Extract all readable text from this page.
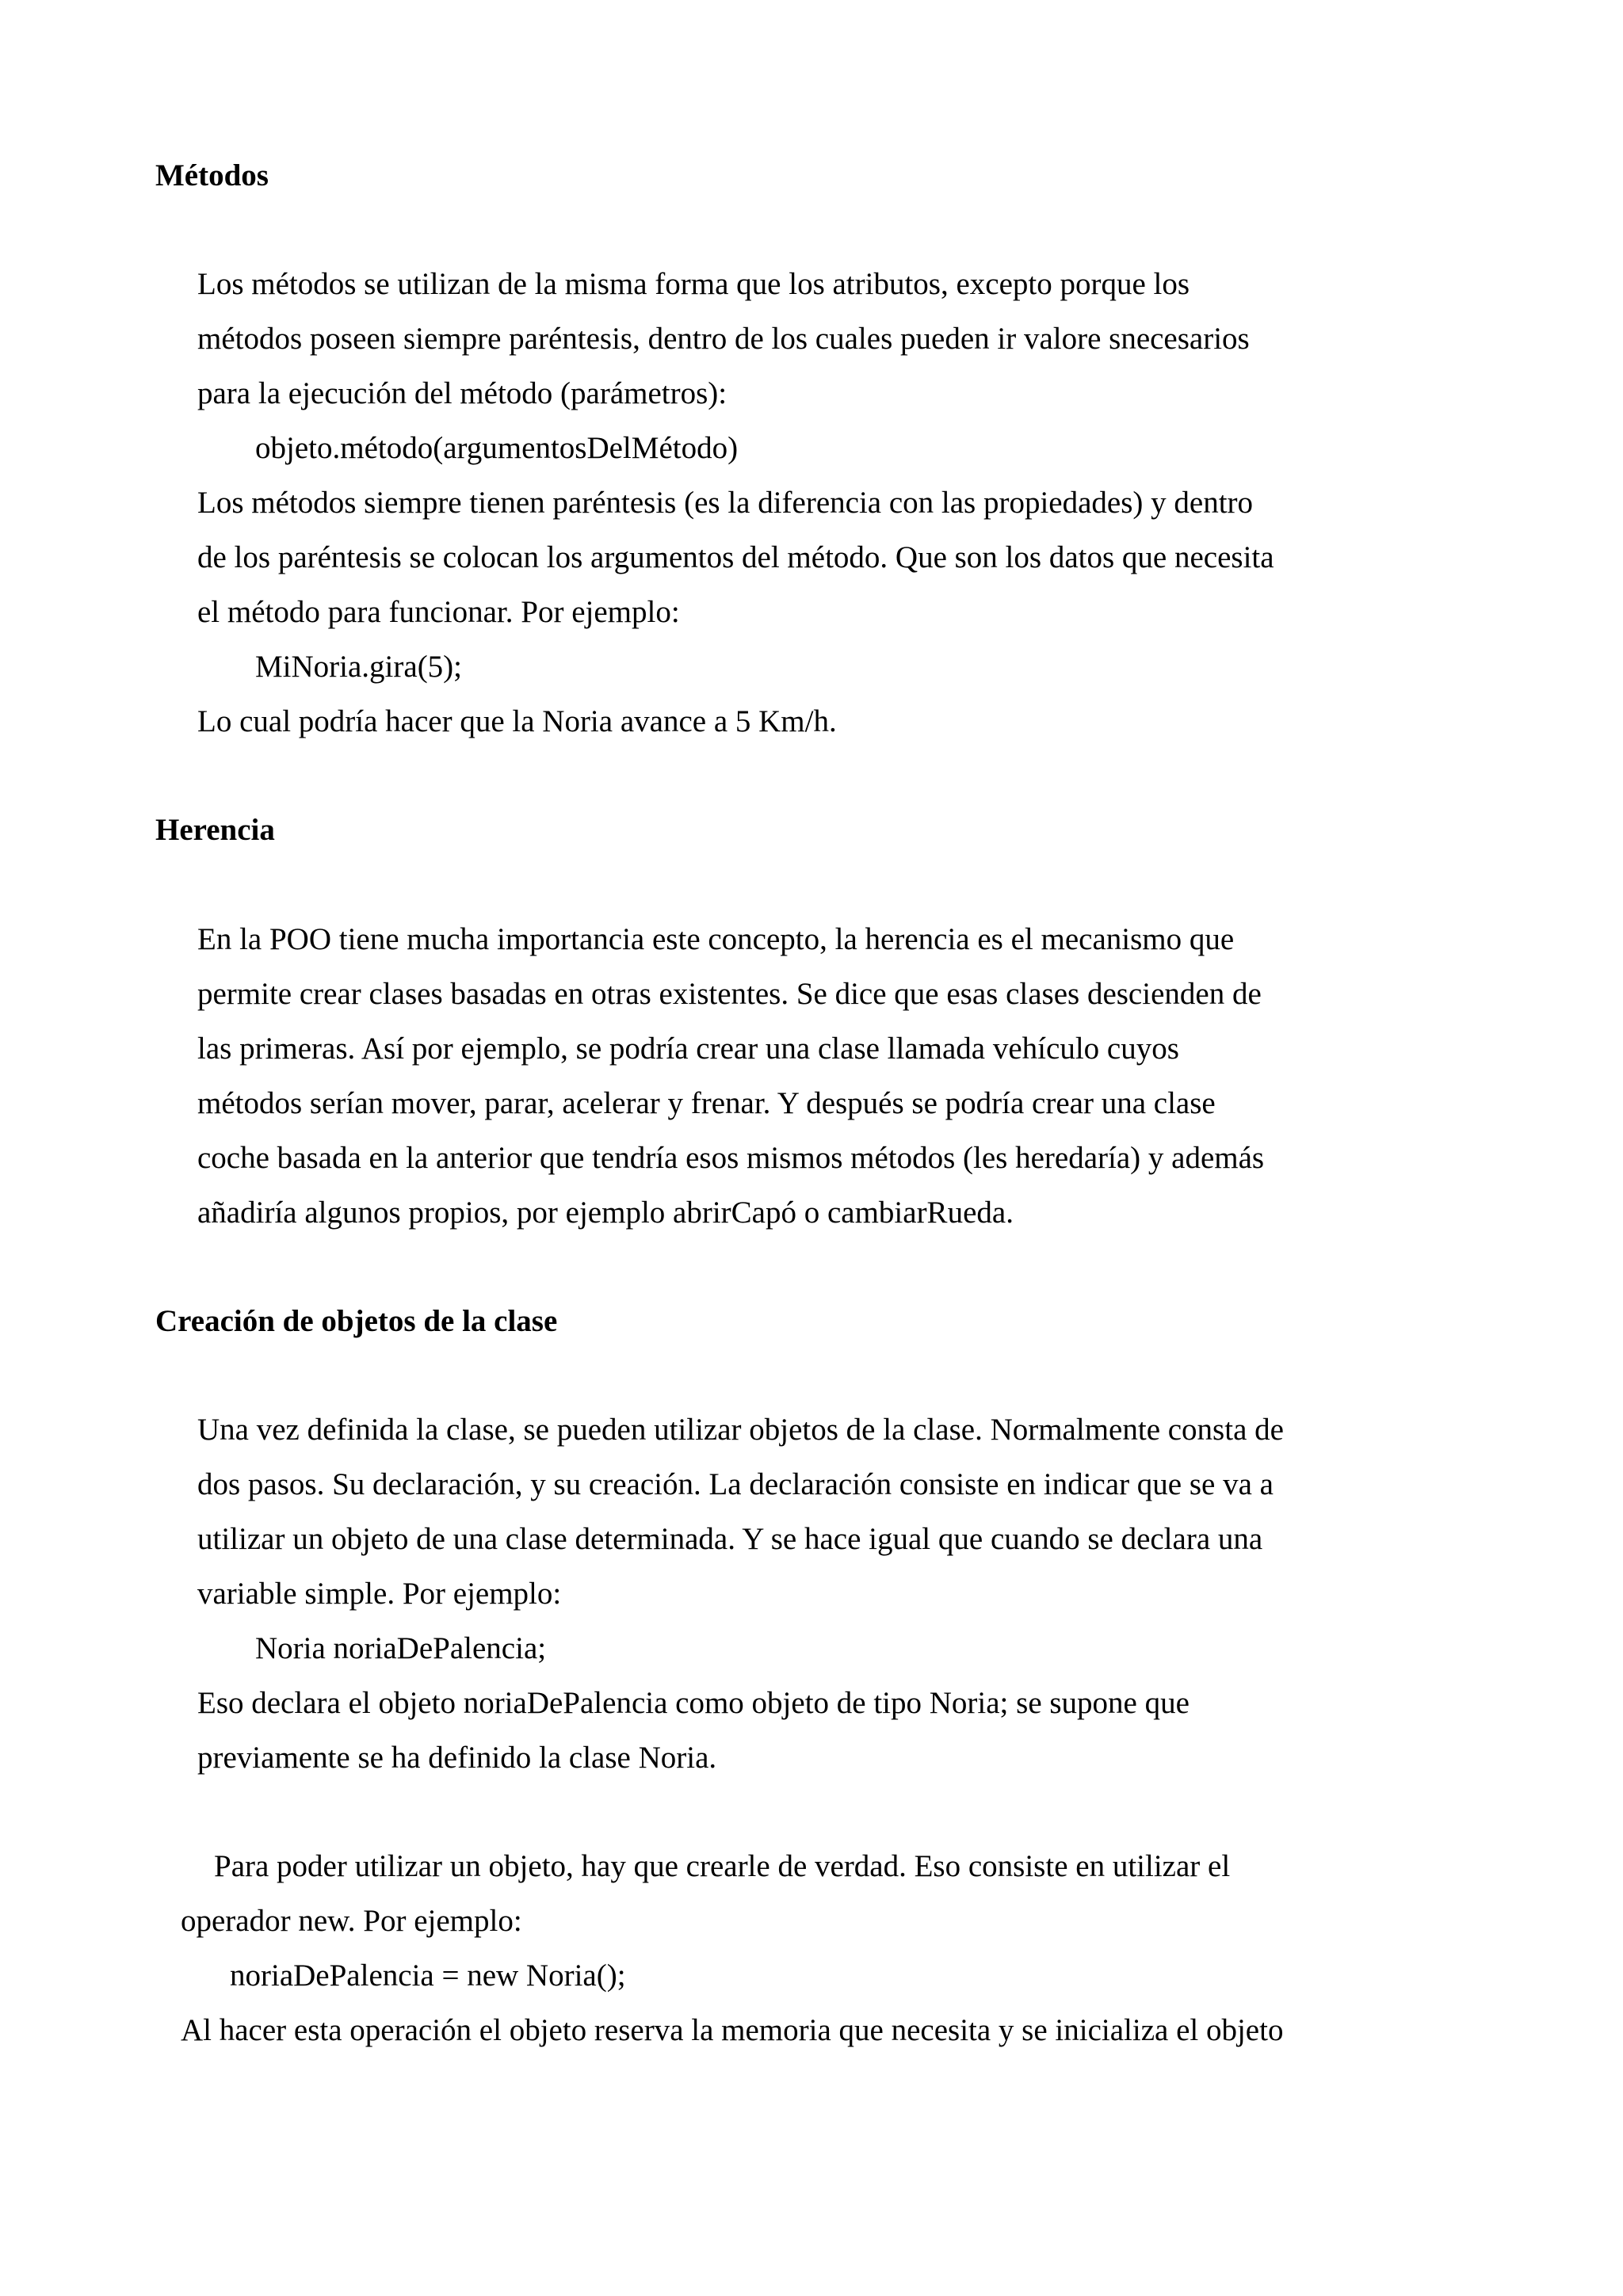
Métodos
Los métodos se utilizan de la misma forma que los atributos, excepto porque los
métodos poseen siempre paréntesis, dentro de los cuales pueden ir valore snecesarios
para la ejecución del método (parámetros):
objeto.método(argumentosDelMétodo)
Los métodos siempre tienen paréntesis (es la diferencia con las propiedades) y dentro
de los paréntesis se colocan los argumentos del método. Que son los datos que necesita
el método para funcionar. Por ejemplo:
MiNoria.gira(5);
Lo cual podría hacer que la Noria avance a 5 Km/h.
Herencia
En la POO tiene mucha importancia este concepto, la herencia es el mecanismo que
permite crear clases basadas en otras existentes. Se dice que esas clases descienden de
las primeras. Así por ejemplo, se podría crear una clase llamada vehículo cuyos
métodos serían mover, parar, acelerar y frenar. Y después se podría crear una clase
coche basada en la anterior que tendría esos mismos métodos (les heredaría) y además
añadiría algunos propios, por ejemplo abrirCapó o cambiarRueda.
Creación de objetos de la clase
Una vez definida la clase, se pueden utilizar objetos de la clase. Normalmente consta de
dos pasos. Su declaración, y su creación. La declaración consiste en indicar que se va a
utilizar un objeto de una clase determinada. Y se hace igual que cuando se declara una
variable simple. Por ejemplo:
Noria noriaDePalencia;
Eso declara el objeto noriaDePalencia como objeto de tipo Noria; se supone que
previamente se ha definido la clase Noria.
Para poder utilizar un objeto, hay que crearle de verdad. Eso consiste en utilizar el
operador new. Por ejemplo:
noriaDePalencia = new Noria();
Al hacer esta operación el objeto reserva la memoria que necesita y se inicializa el objeto
